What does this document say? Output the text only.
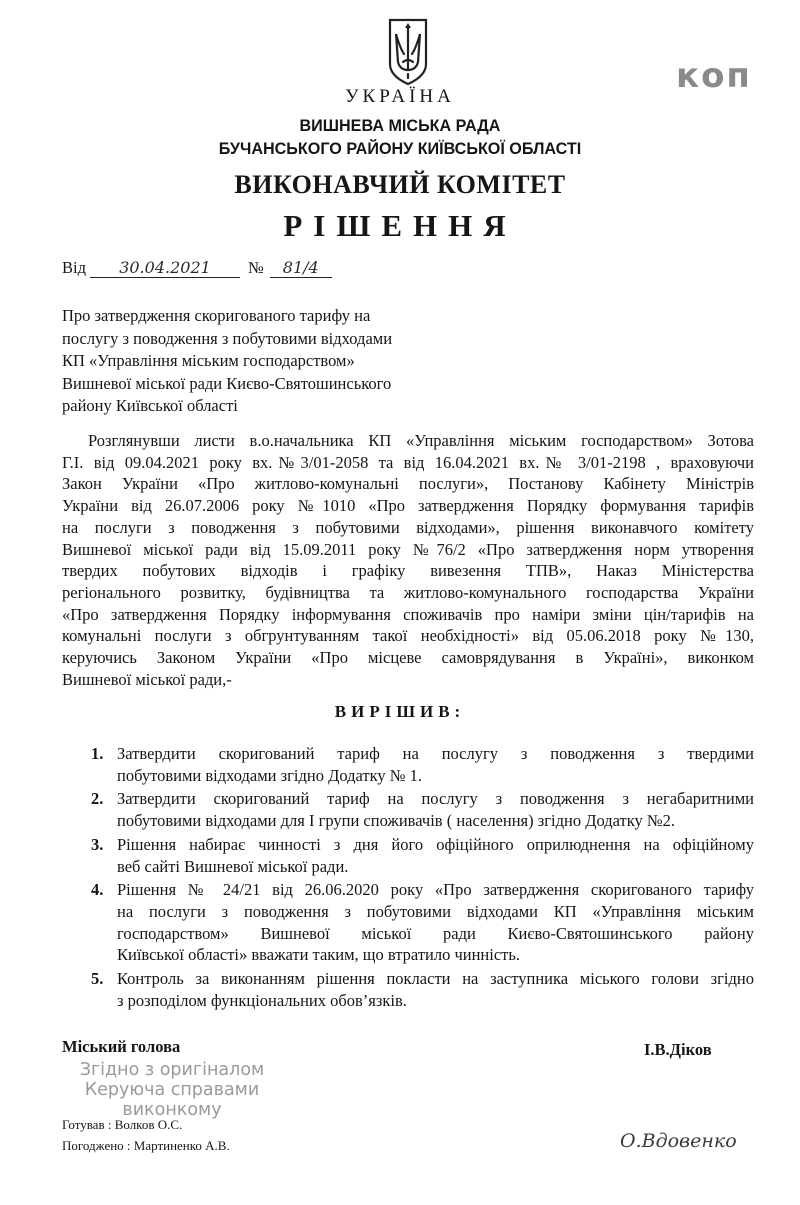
коп
УКРАЇНА
ВИШНЕВА МІСЬКА РАДА
БУЧАНСЬКОГО РАЙОНУ КИЇВСЬКОЇ ОБЛАСТІ
ВИКОНАВЧИЙ КОМІТЕТ
РІШЕННЯ
Від 30.04.2021 № 81/4
Про затвердження скоригованого тарифу на
послугу з поводження з побутовими відходами
КП «Управління міським господарством»
Вишневої міської ради Києво-Святошинського
району Київської області
Розглянувши листи в.о.начальника КП «Управління міським господарством» Зотова
Г.І. від 09.04.2021 року вх.№3/01-2058 та від 16.04.2021 вх.№ 3/01-2198 , враховуючи
Закон України «Про житлово-комунальні послуги», Постанову Кабінету Міністрів
України від 26.07.2006 року №1010 «Про затвердження Порядку формування тарифів
на послуги з поводження з побутовими відходами», рішення виконавчого комітету
Вишневої міської ради від 15.09.2011 року №76/2 «Про затвердження норм утворення
твердих побутових відходів і графіку вивезення ТПВ», Наказ Міністерства
регіонального розвитку, будівництва та житлово-комунального господарства України
«Про затвердження Порядку інформування споживачів про наміри зміни цін/тарифів на
комунальні послуги з обгрунтуванням такої необхідності» від 05.06.2018 року №130,
керуючись Законом України «Про місцеве самоврядування в Україні», виконком
Вишневої міської ради,-
ВИРІШИВ:
1. Затвердити скоригований тариф на послугу з поводження з твердими
побутовими відходами згідно Додатку № 1.
2. Затвердити скоригований тариф на послугу з поводження з негабаритними
побутовими відходами для І групи споживачів ( населення) згідно Додатку №2.
3. Рішення набирає чинності з дня його офіційного оприлюднення на офіційному
веб сайті Вишневої міської ради.
4. Рішення № 24/21 від 26.06.2020 року «Про затвердження скоригованого тарифу
на послуги з поводження з побутовими відходами КП «Управління міським
господарством» Вишневої міської ради Києво-Святошинського району
Київської області» вважати таким, що втратило чинність.
5. Контроль за виконанням рішення покласти на заступника міського голови згідно
з розподілом функціональних обов’язків.
Міський голова	І.В.Діков
Згідно з оригіналом
Керуюча справами
виконкому
Готував : Волков О.С.
Погоджено : Мартиненко А.В.	О.Вдовенко
